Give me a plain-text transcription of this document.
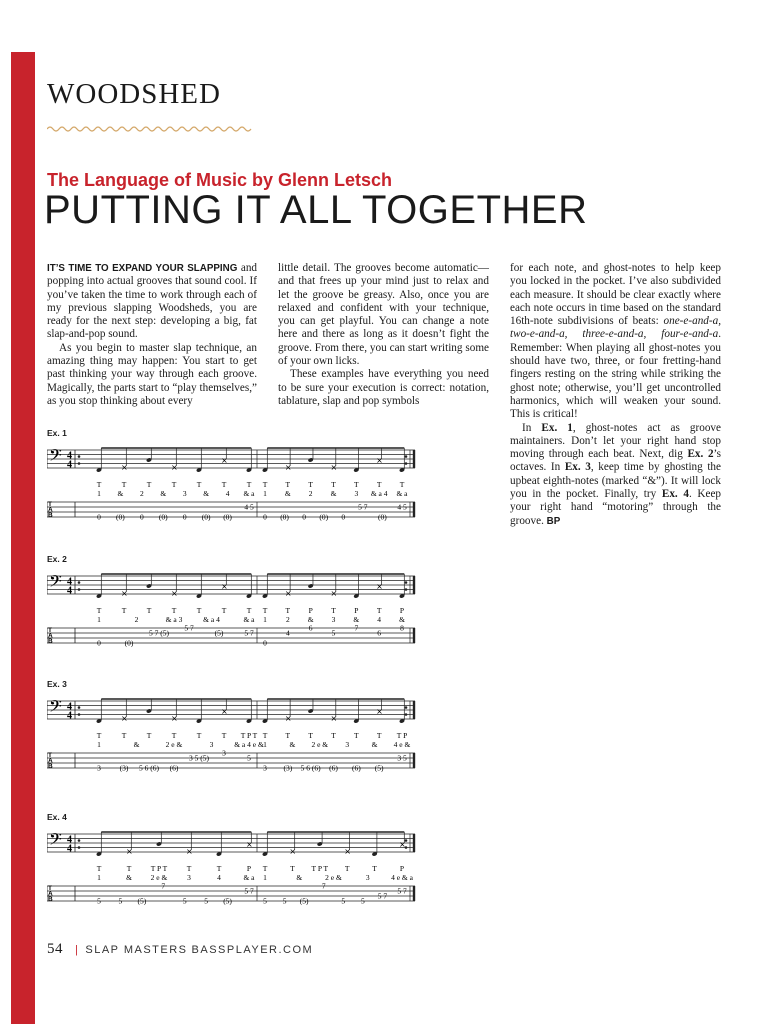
WOODSHED
The Language of Music by Glenn Letsch
PUTTING IT ALL TOGETHER

IT’S TIME TO EXPAND YOUR SLAPPING and popping into actual grooves that sound cool. If you’ve taken the time to work through each of my previous slapping Woodsheds, you are ready for the next step: developing a big, fat slap-and-pop sound.

As you begin to master slap technique, an amazing thing may happen: You start to get past thinking your way through each groove. Magically, the parts start to “play themselves,” as you stop thinking about every

little detail. The grooves become automatic—and that frees up your mind just to relax and let the groove be greasy. Also, once you are relaxed and confident with your technique, you can get playful. You can change a note here and there as long as it doesn’t fight the groove. From there, you can start writing some of your own licks.

These examples have everything you need to be sure your execution is correct: notation, tablature, slap and pop symbols

for each note, and ghost-notes to help keep you locked in the pocket. I’ve also subdivided each measure. It should be clear exactly where each note occurs in time based on the standard 16th-note subdivisions of beats: one-e-and-a, two-e-and-a, three-e-and-a, four-e-and-a. Remember: When playing all ghost-notes you should have two, three, or four fretting-hand fingers resting on the string while striking the ghost note; otherwise, you’ll get uncontrolled harmonics, which will weaken your sound. This is critical!

In Ex. 1, ghost-notes act as groove maintainers. Don’t let your right hand stop moving through each beat. Next, dig Ex. 2’s octaves. In Ex. 3, keep time by ghosting the upbeat eighth-notes (marked “&”). It will lock you in the pocket. Finally, try Ex. 4. Keep your right hand “motoring” through the groove. BP

Ex. 1
𝄢 4
4
T
A
B
T
×
T	T
×
T	T
×
T	T
1 & 2 & 3 & 4 & a
0 (0) 0 (0) 0 (0) (0)
4 5
T
×
T T
×
T T
×
T T
1 & 2 & 3 & a 4 & a
0 (0) 0 (0) 0
5 7
(0)
4 5
Ex. 2
𝄢 4
4
T
A
B
T
×
T	T
×
T	T
×
T	T
1	2	& a 3	& a 4	& a
0	(0)
5 7 (5)
5 7
(5)	5 7
T
×
T P
×
T P
×
T P
1	2 & 3 & 4 &
0
4
6
5
7
6
8
Ex. 3
𝄢 4
4
T
A
B
T
×
T	T
×
T	T
×
T T P T
1	&	2 e &	3	& a 4 e &
3	(3) 5 6 (6) (6)
3 5 (5)
3
5
T
×
T T
×
T T
×
T T P
1	& 2 e & 3	& 4 e &
3 (3) 5 6 (6) (6) (6) (5)
3 5
Ex. 4
𝄢 4
4
T
A
B
T
×
T	T P T
×
T	T
×
P
1	& 2 e &	3	4	& a
5 5 (5)
7
5 5 (5)
5 7
T
×
T T P T
×
T	T
×
P
1	&	2 e &	3	4 e & a
5 5 (5)
7
5 5
5 7
5 7
54 | SLAP MASTERS BASSPLAYER.COM
